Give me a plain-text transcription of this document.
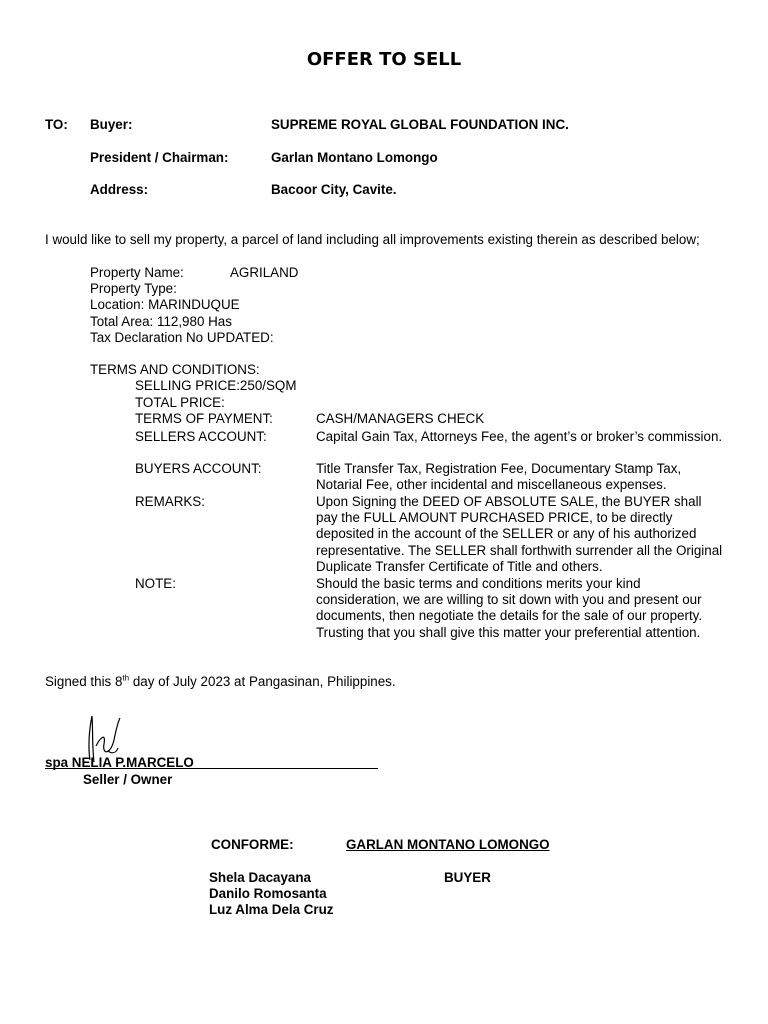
OFFER TO SELL
TO: Buyer:	SUPREME ROYAL GLOBAL FOUNDATION INC.
President / Chairman:	Garlan Montano Lomongo
Address:	Bacoor City, Cavite.
I would like to sell my property, a parcel of land including all improvements existing therein as described below;
Property Name:	AGRILAND
Property Type:
Location: MARINDUQUE
Total Area: 112,980 Has
Tax Declaration No UPDATED:
TERMS AND CONDITIONS:
SELLING PRICE:250/SQM
TOTAL PRICE:
TERMS OF PAYMENT:	CASH/MANAGERS CHECK
SELLERS ACCOUNT:	Capital Gain Tax, Attorneys Fee, the agent’s or broker’s commission.
BUYERS ACCOUNT:	Title Transfer Tax, Registration Fee, Documentary Stamp Tax, Notarial Fee, other incidental and miscellaneous expenses.
REMARKS:	Upon Signing the DEED OF ABSOLUTE SALE, the BUYER shall pay the FULL AMOUNT PURCHASED PRICE, to be directly deposited in the account of the SELLER or any of his authorized representative. The SELLER shall forthwith surrender all the Original Duplicate Transfer Certificate of Title and others.
NOTE:	Should the basic terms and conditions merits your kind consideration, we are willing to sit down with you and present our documents, then negotiate the details for the sale of our property. Trusting that you shall give this matter your preferential attention.
Signed this 8th day of July 2023 at Pangasinan, Philippines.
spa NELIA P.MARCELO
Seller / Owner
CONFORME:	GARLAN MONTANO LOMONGO
Shela Dacayana	BUYER
Danilo Romosanta
Luz Alma Dela Cruz
